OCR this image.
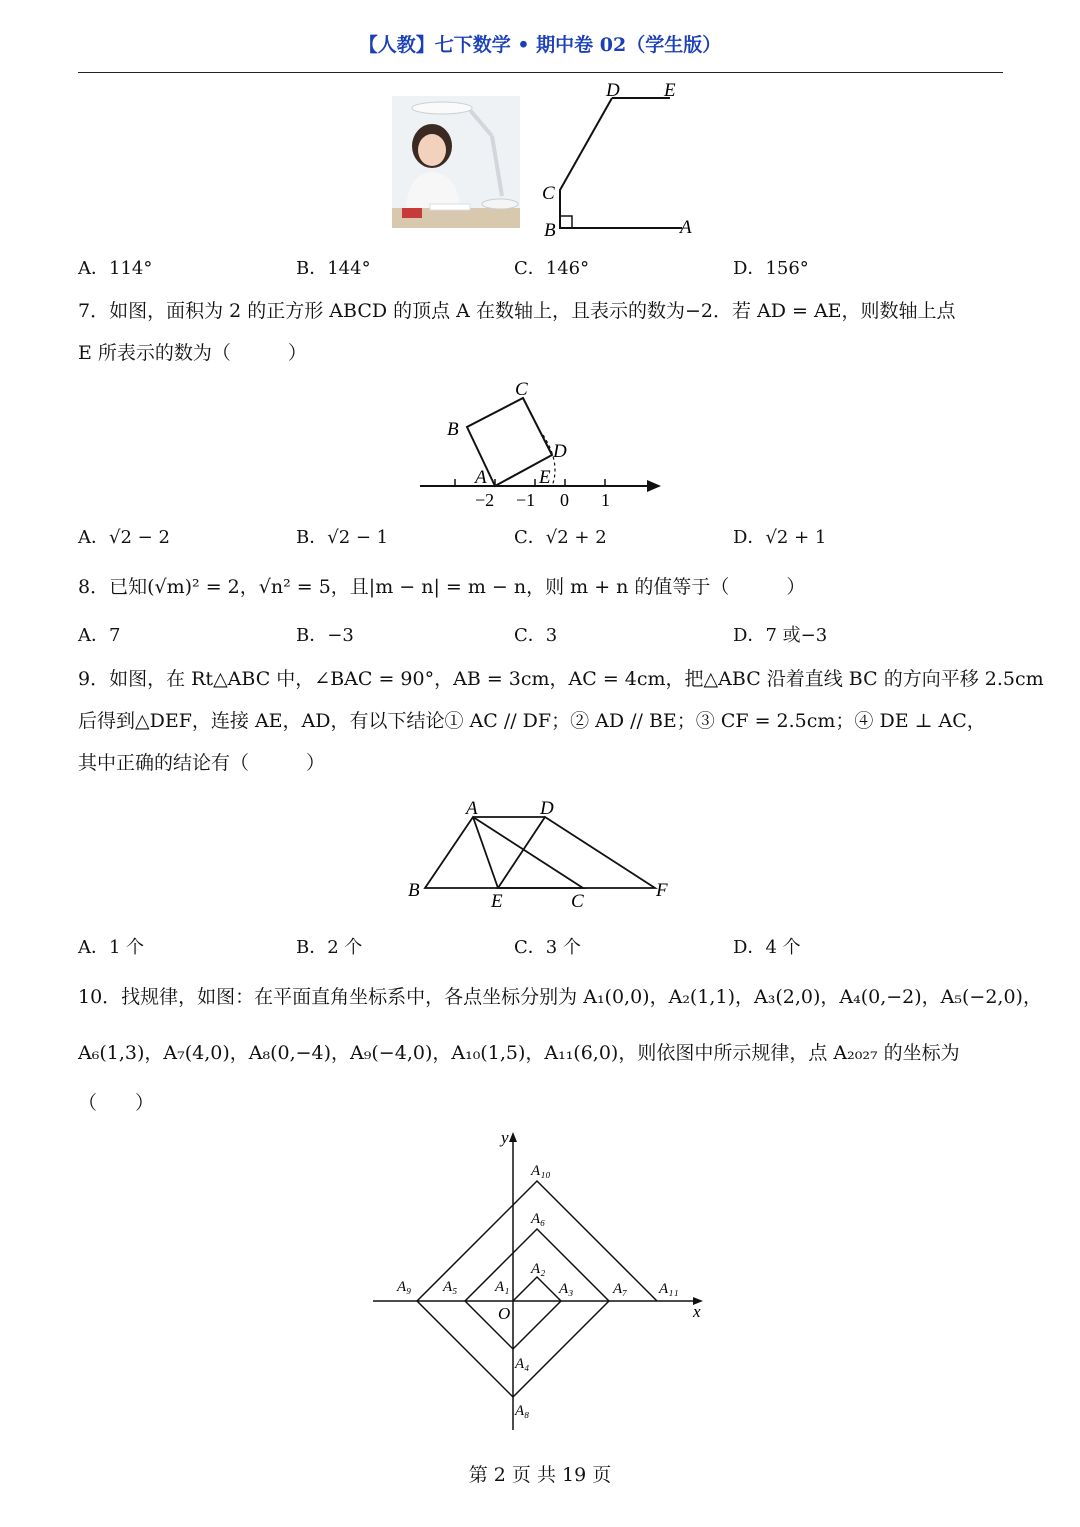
【人教】七下数学 • 期中卷 02（学生版）
D E
C
B	A
A．114°	B．144°	C．146°	D．156°
7．如图，面积为 2 的正方形 ABCD 的顶点 A 在数轴上，且表示的数为−2．若 AD = AE，则数轴上点
E 所表示的数为（　　　）
A
B
C
D
E
−2 −1 0 1
A．√2 − 2	B．√2 − 1	C．√2 + 2	D．√2 + 1
8．已知(√m)² = 2，√n² = 5，且|m − n| = m − n，则 m + n 的值等于（　　　）
A．7	B．−3	C．3	D．7 或−3
9．如图，在 Rt△ABC 中，∠BAC = 90°，AB = 3cm，AC = 4cm，把△ABC 沿着直线 BC 的方向平移 2.5cm
后得到△DEF，连接 AE，AD，有以下结论① AC // DF；② AD // BE；③ CF = 2.5cm；④ DE ⊥ AC，
其中正确的结论有（　　　）
A	D
B
E	C
F
A．1 个	B．2 个	C．3 个	D．4 个
10．找规律，如图：在平面直角坐标系中，各点坐标分别为 A₁(0,0)，A₂(1,1)，A₃(2,0)，A₄(0,−2)，A₅(−2,0)，
A₆(1,3)，A₇(4,0)，A₈(0,−4)，A₉(−4,0)，A₁₀(1,5)，A₁₁(6,0)，则依图中所示规律，点 A₂₀₂₇ 的坐标为
（　　）
y
x
O
A₁
A₂
A₃
A₄
A₅
A₆
A₇
A₈
A₉
A₁₀
A₁₁
第 2 页 共 19 页
